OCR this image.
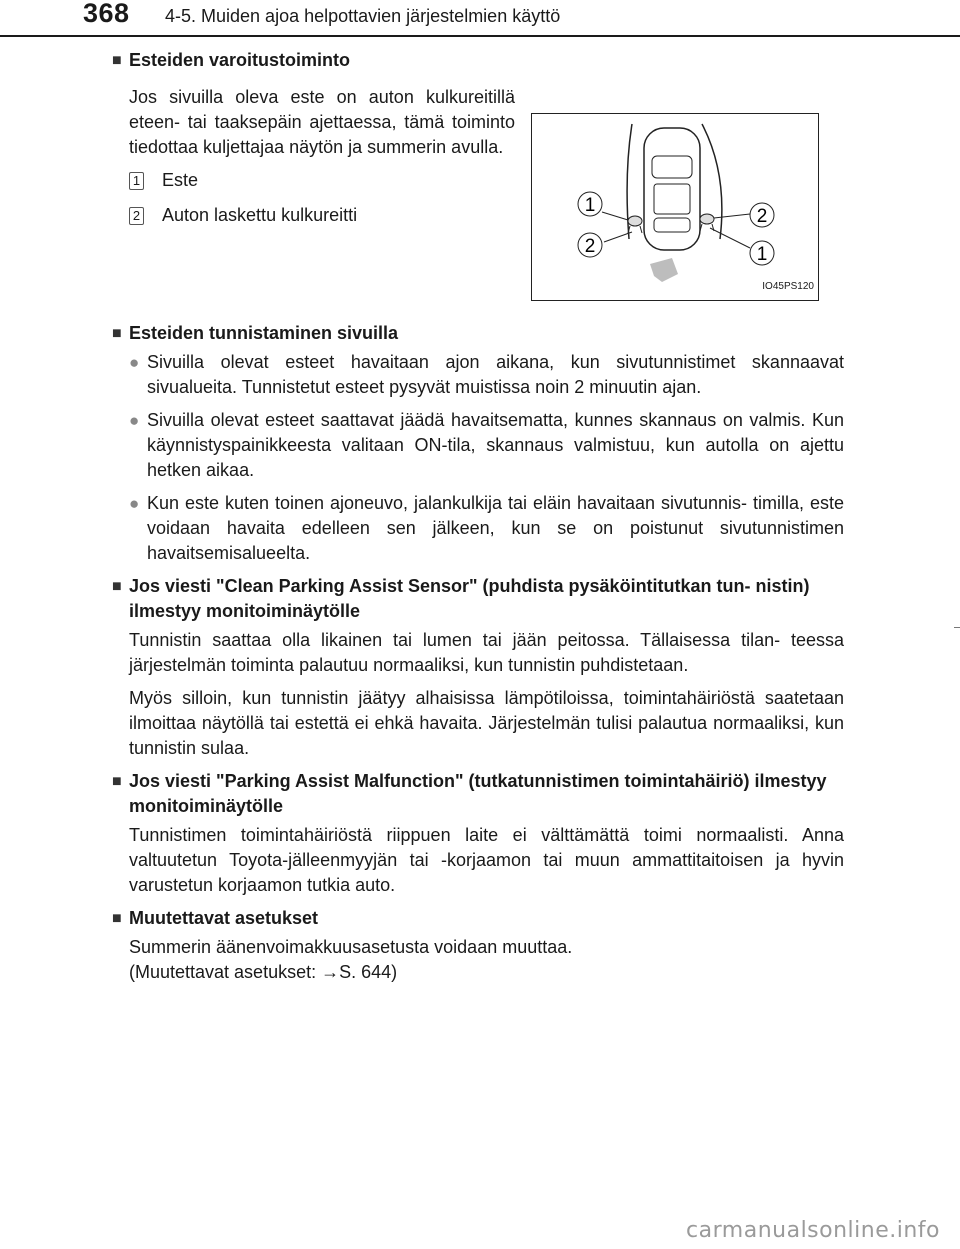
368 4-5. Muiden ajoa helpottavien järjestelmien käyttö
■ Esteiden varoitustoiminto
Jos sivuilla oleva este on auton kulkureitillä eteen- tai taaksepäin ajettaessa, tämä toiminto tiedottaa kuljettajaa näytön ja summerin avulla.
1 Este
2 Auton laskettu kulkureitti	1
2
2
1
IO45PS120
■ Esteiden tunnistaminen sivuilla
● Sivuilla olevat esteet havaitaan ajon aikana, kun sivutunnistimet skannaavat sivualueita. Tunnistetut esteet pysyvät muistissa noin 2 minuutin ajan.
● Sivuilla olevat esteet saattavat jäädä havaitsematta, kunnes skannaus on valmis. Kun käynnistyspainikkeesta valitaan ON-tila, skannaus valmistuu, kun autolla on ajettu hetken aikaa.
● Kun este kuten toinen ajoneuvo, jalankulkija tai eläin havaitaan sivutunnis- timilla, este voidaan havaita edelleen sen jälkeen, kun se on poistunut sivutunnistimen havaitsemisalueelta.
■ Jos viesti "Clean Parking Assist Sensor" (puhdista pysäköintitutkan tun- nistin) ilmestyy monitoiminäytölle
Tunnistin saattaa olla likainen tai lumen tai jään peitossa. Tällaisessa tilan- teessa järjestelmän toiminta palautuu normaaliksi, kun tunnistin puhdistetaan.
Myös silloin, kun tunnistin jäätyy alhaisissa lämpötiloissa, toimintahäiriöstä saatetaan ilmoittaa näytöllä tai estettä ei ehkä havaita. Järjestelmän tulisi palautua normaaliksi, kun tunnistin sulaa.
■ Jos viesti "Parking Assist Malfunction" (tutkatunnistimen toimintahäiriö) ilmestyy monitoiminäytölle
Tunnistimen toimintahäiriöstä riippuen laite ei välttämättä toimi normaalisti. Anna valtuutetun Toyota-jälleenmyyjän tai -korjaamon tai muun ammattitaitoisen ja hyvin varustetun korjaamon tutkia auto.
■ Muutettavat asetukset
Summerin äänenvoimakkuusasetusta voidaan muuttaa.
(Muutettavat asetukset: →S. 644)
carmanualsonline.info
